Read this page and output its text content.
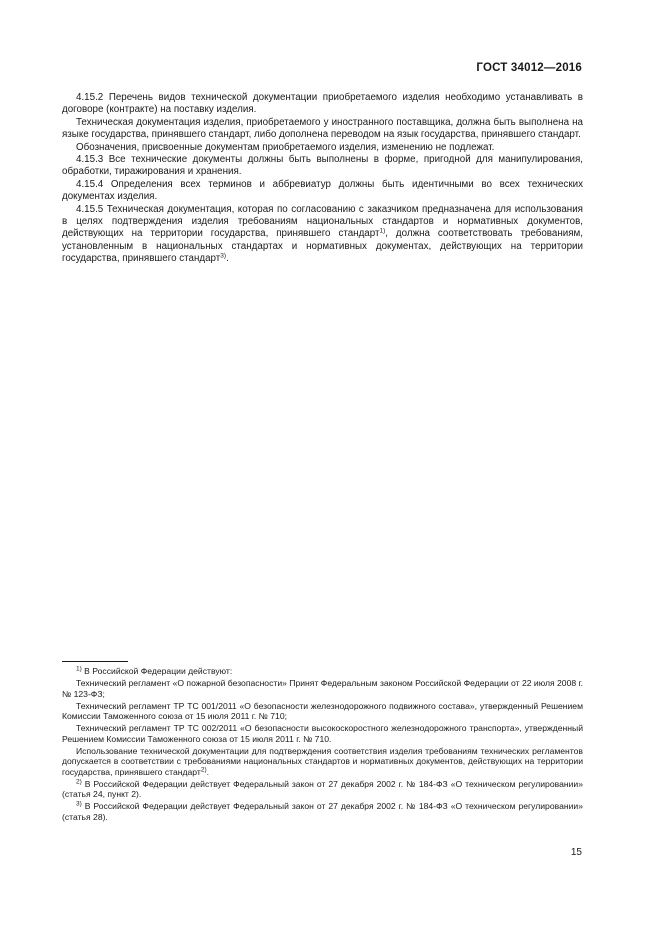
ГОСТ 34012—2016

4.15.2 Перечень видов технической документации приобретаемого изделия необходимо устанавливать в договоре (контракте) на поставку изделия.

Техническая документация изделия, приобретаемого у иностранного поставщика, должна быть выполнена на языке государства, принявшего стандарт, либо дополнена переводом на язык государства, принявшего стандарт.

Обозначения, присвоенные документам приобретаемого изделия, изменению не подлежат.

4.15.3 Все технические документы должны быть выполнены в форме, пригодной для манипулирования, обработки, тиражирования и хранения.

4.15.4 Определения всех терминов и аббревиатур должны быть идентичными во всех технических документах изделия.

4.15.5 Техническая документация, которая по согласованию с заказчиком предназначена для использования в целях подтверждения изделия требованиям национальных стандартов и нормативных документов, действующих на территории государства, принявшего стандарт$^{1)}$, должна соответствовать требованиям, установленным в национальных стандартах и нормативных документах, действующих на территории государства, принявшего стандарт$^{3)}$.

$^{1)}$ В Российской Федерации действуют:

Технический регламент «О пожарной безопасности» Принят Федеральным законом Российской Федерации от 22 июля 2008 г. № 123-ФЗ;

Технический регламент ТР ТС 001/2011 «О безопасности железнодорожного подвижного состава», утвержденный Решением Комиссии Таможенного союза от 15 июля 2011 г. № 710;

Технический регламент ТР ТС 002/2011 «О безопасности высокоскоростного железнодорожного транспорта», утвержденный Решением Комиссии Таможенного союза от 15 июля 2011 г. № 710.

Использование технической документации для подтверждения соответствия изделия требованиям технических регламентов допускается в соответствии с требованиями национальных стандартов и нормативных документов, действующих на территории государства, принявшего стандарт$^{2)}$.

$^{2)}$ В Российской Федерации действует Федеральный закон от 27 декабря 2002 г. № 184-ФЗ «О техническом регулировании» (статья 24, пункт 2).

$^{3)}$ В Российской Федерации действует Федеральный закон от 27 декабря 2002 г. № 184-ФЗ «О техническом регулировании» (статья 28).

15
